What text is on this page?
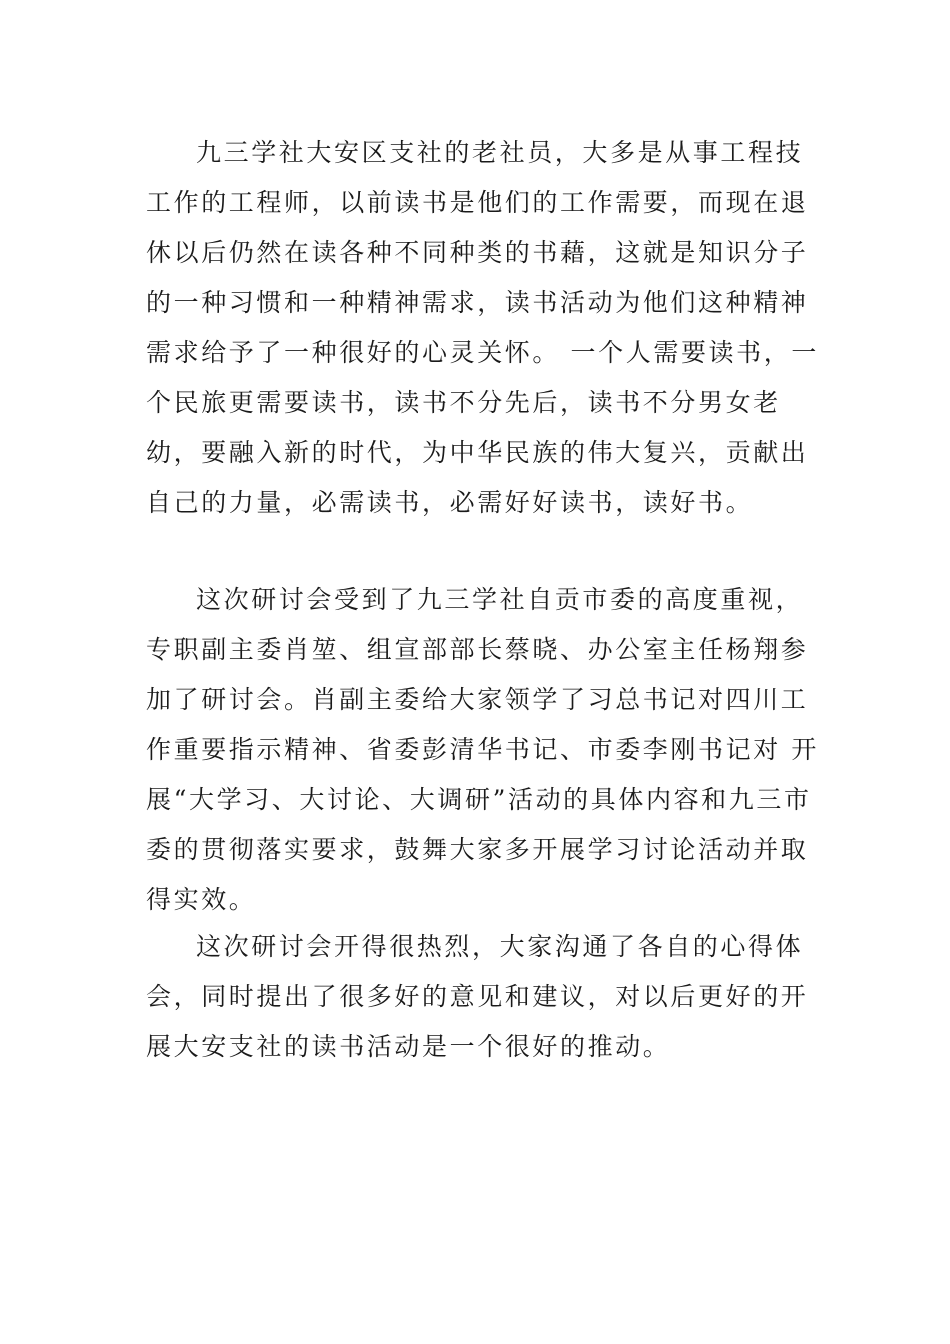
九三学社大安区支社的老社员，大多是从事工程技工作的工程师，以前读书是他们的工作需要，而现在退休以后仍然在读各种不同种类的书藉，这就是知识分子的一种习惯和一种精神需求，读书活动为他们这种精神需求给予了一种很好的心灵关怀。 一个人需要读书，一个民旅更需要读书，读书不分先后，读书不分男女老幼，要融入新的时代，为中华民族的伟大复兴，贡献出自己的力量，必需读书，必需好好读书，读好书。

这次研讨会受到了九三学社自贡市委的高度重视， 专职副主委肖堃、组宣部部长蔡晓、办公室主任杨翔参加了研讨会。肖副主委给大家领学了习总书记对四川工作重要指示精神、省委彭清华书记、市委李刚书记对 开展“大学习、大讨论、大调研”活动的具体内容和九三市委的贯彻落实要求，鼓舞大家多开展学习讨论活动并取得实效。

这次研讨会开得很热烈，大家沟通了各自的心得体会，同时提出了很多好的意见和建议，对以后更好的开展大安支社的读书活动是一个很好的推动。
